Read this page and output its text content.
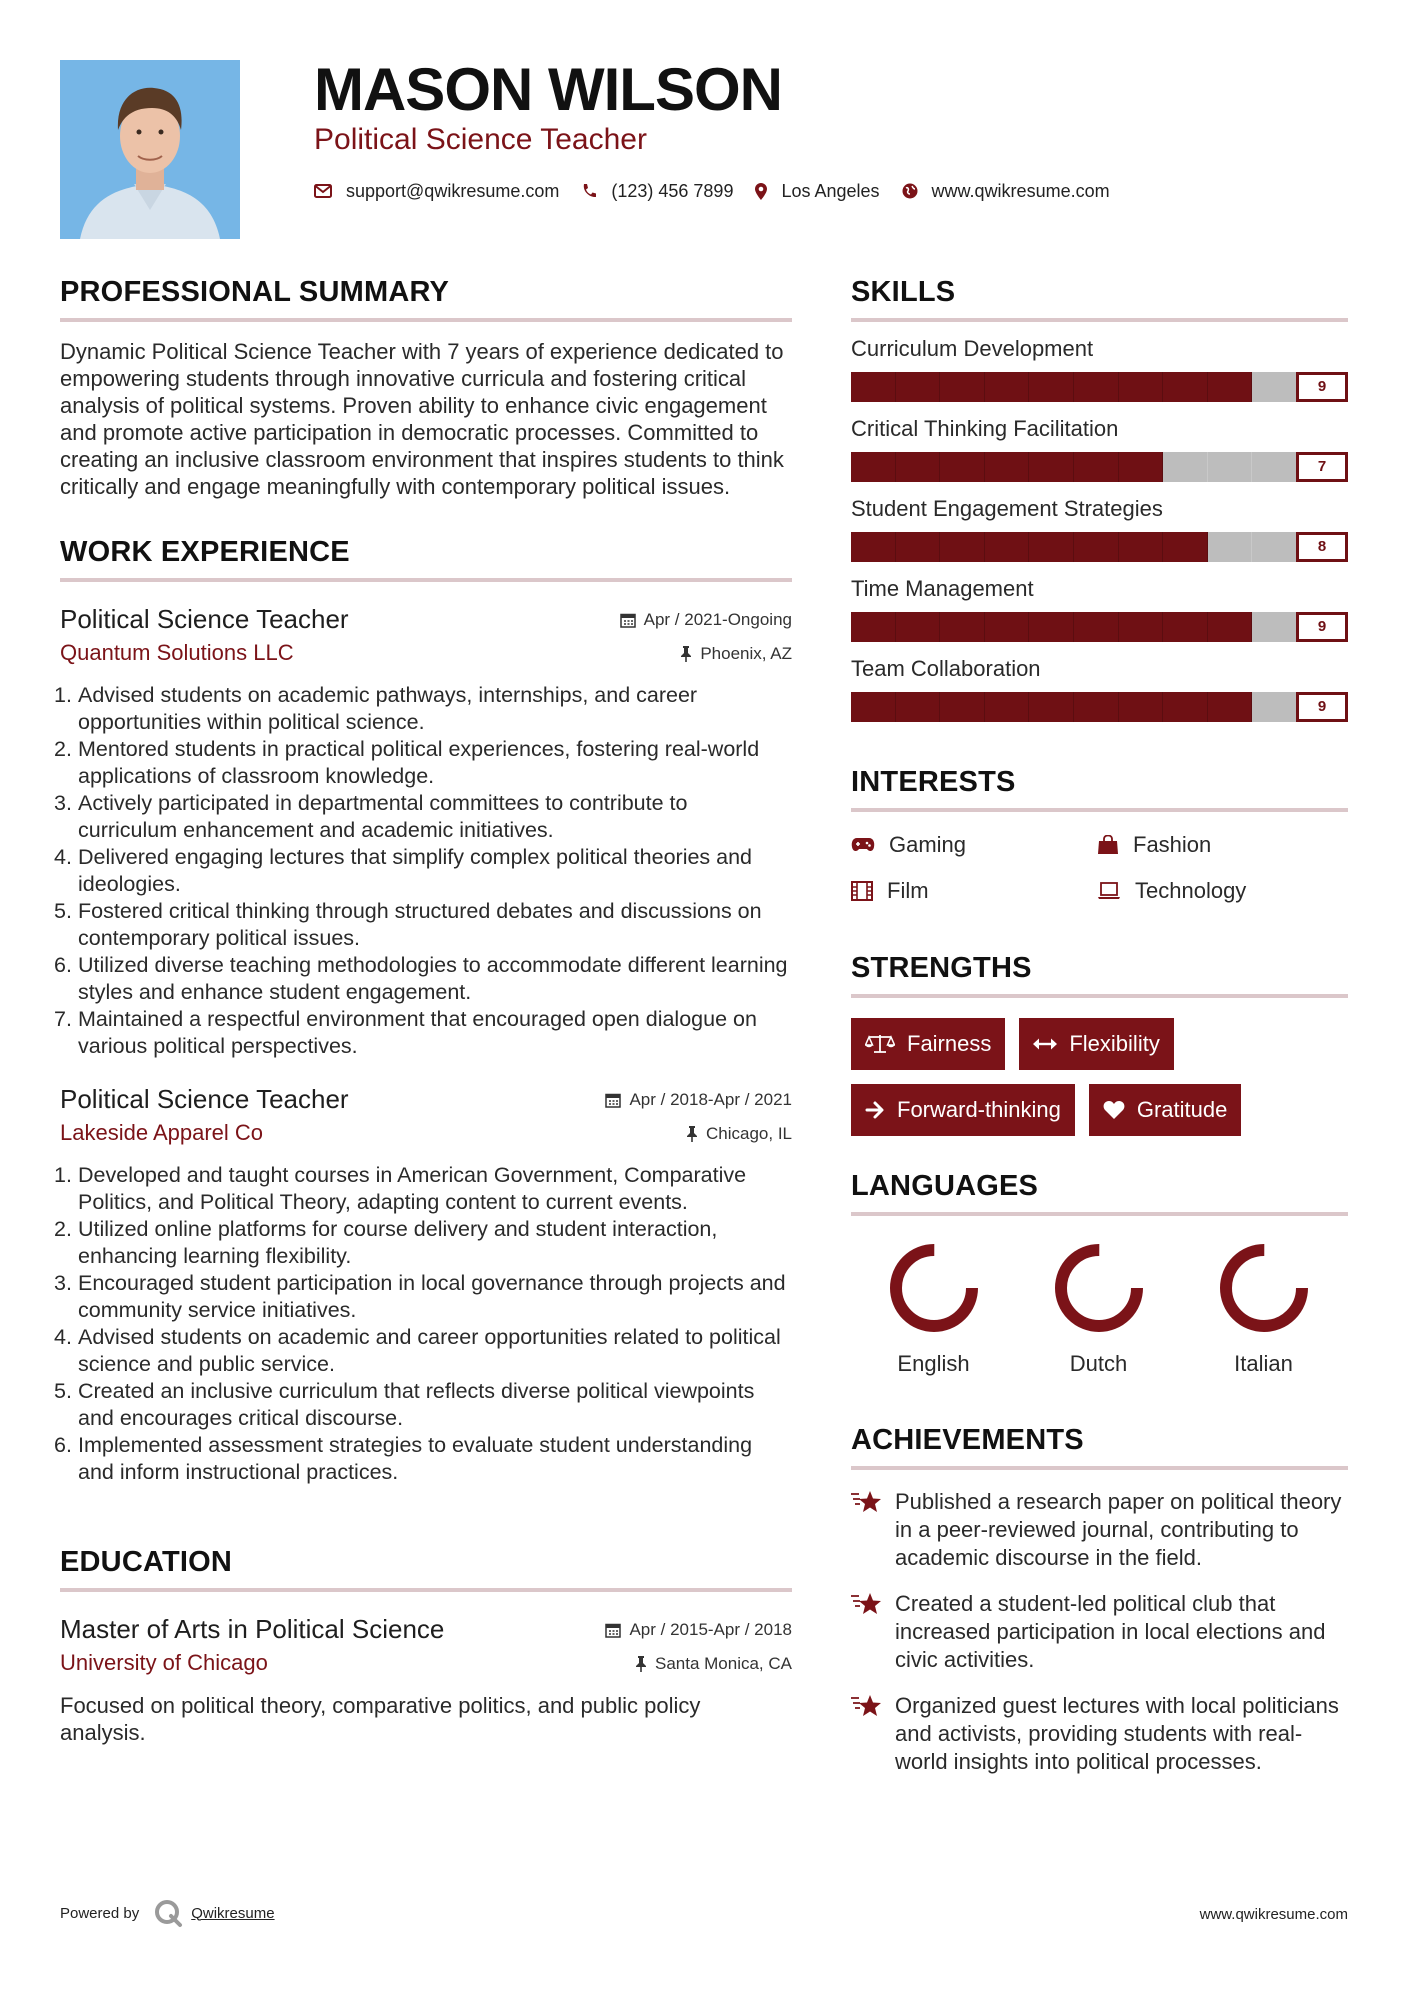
MASON WILSON
Political Science Teacher
support@qwikresume.com	(123) 456 7899	Los Angeles	www.qwikresume.com
PROFESSIONAL SUMMARY
Dynamic Political Science Teacher with 7 years of experience dedicated to empowering students through innovative curricula and fostering critical analysis of political systems. Proven ability to enhance civic engagement and promote active participation in democratic processes. Committed to creating an inclusive classroom environment that inspires students to think critically and engage meaningfully with contemporary political issues.
WORK EXPERIENCE
Political Science Teacher
Quantum Solutions LLC
Apr / 2021-Ongoing
Phoenix, AZ
1. Advised students on academic pathways, internships, and career opportunities within political science.
2. Mentored students in practical political experiences, fostering real-world applications of classroom knowledge.
3. Actively participated in departmental committees to contribute to curriculum enhancement and academic initiatives.
4. Delivered engaging lectures that simplify complex political theories and ideologies.
5. Fostered critical thinking through structured debates and discussions on contemporary political issues.
6. Utilized diverse teaching methodologies to accommodate different learning styles and enhance student engagement.
7. Maintained a respectful environment that encouraged open dialogue on various political perspectives.
Political Science Teacher
Lakeside Apparel Co
Apr / 2018-Apr / 2021
Chicago, IL
1. Developed and taught courses in American Government, Comparative Politics, and Political Theory, adapting content to current events.
2. Utilized online platforms for course delivery and student interaction, enhancing learning flexibility.
3. Encouraged student participation in local governance through projects and community service initiatives.
4. Advised students on academic and career opportunities related to political science and public service.
5. Created an inclusive curriculum that reflects diverse political viewpoints and encourages critical discourse.
6. Implemented assessment strategies to evaluate student understanding and inform instructional practices.
EDUCATION
Master of Arts in Political Science
University of Chicago
Apr / 2015-Apr / 2018
Santa Monica, CA
Focused on political theory, comparative politics, and public policy analysis.
SKILLS
Curriculum Development
9
Critical Thinking Facilitation
7
Student Engagement Strategies
8
Time Management
9
Team Collaboration
9
INTERESTS
Gaming	Fashion
Film	Technology
STRENGTHS
Fairness	Flexibility
Forward-thinking	Gratitude
LANGUAGES
English	Dutch	Italian
ACHIEVEMENTS
Published a research paper on political theory in a peer-reviewed journal, contributing to academic discourse in the field.
Created a student-led political club that increased participation in local elections and civic activities.
Organized guest lectures with local politicians and activists, providing students with real-world insights into political processes.
Powered by	Qwikresume	www.qwikresume.com
